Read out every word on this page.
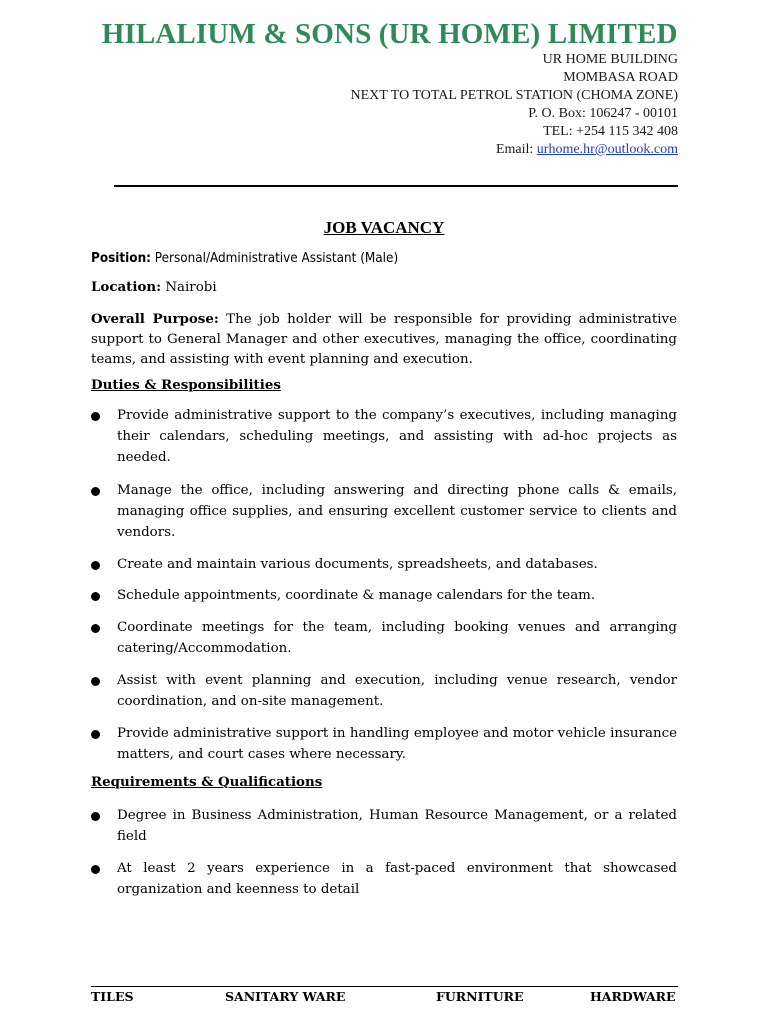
HILALIUM & SONS (UR HOME) LIMITED
UR HOME BUILDING
MOMBASA ROAD
NEXT TO TOTAL PETROL STATION (CHOMA ZONE)
P. O. Box: 106247 - 00101
TEL: +254 115 342 408
Email: urhome.hr@outlook.com
JOB VACANCY
Position: Personal/Administrative Assistant (Male)
Location: Nairobi
Overall Purpose: The job holder will be responsible for providing administrative support to General Manager and other executives, managing the office, coordinating teams, and assisting with event planning and execution.
Duties & Responsibilities
Provide administrative support to the company’s executives, including managing their calendars, scheduling meetings, and assisting with ad-hoc projects as needed.
Manage the office, including answering and directing phone calls & emails, managing office supplies, and ensuring excellent customer service to clients and vendors.
Create and maintain various documents, spreadsheets, and databases.
Schedule appointments, coordinate & manage calendars for the team.
Coordinate meetings for the team, including booking venues and arranging catering/Accommodation.
Assist with event planning and execution, including venue research, vendor coordination, and on-site management.
Provide administrative support in handling employee and motor vehicle insurance matters, and court cases where necessary.
Requirements & Qualifications
Degree in Business Administration, Human Resource Management, or a related field
At least 2 years experience in a fast-paced environment that showcased organization and keenness to detail
TILES	SANITARY WARE	FURNITURE	HARDWARE
